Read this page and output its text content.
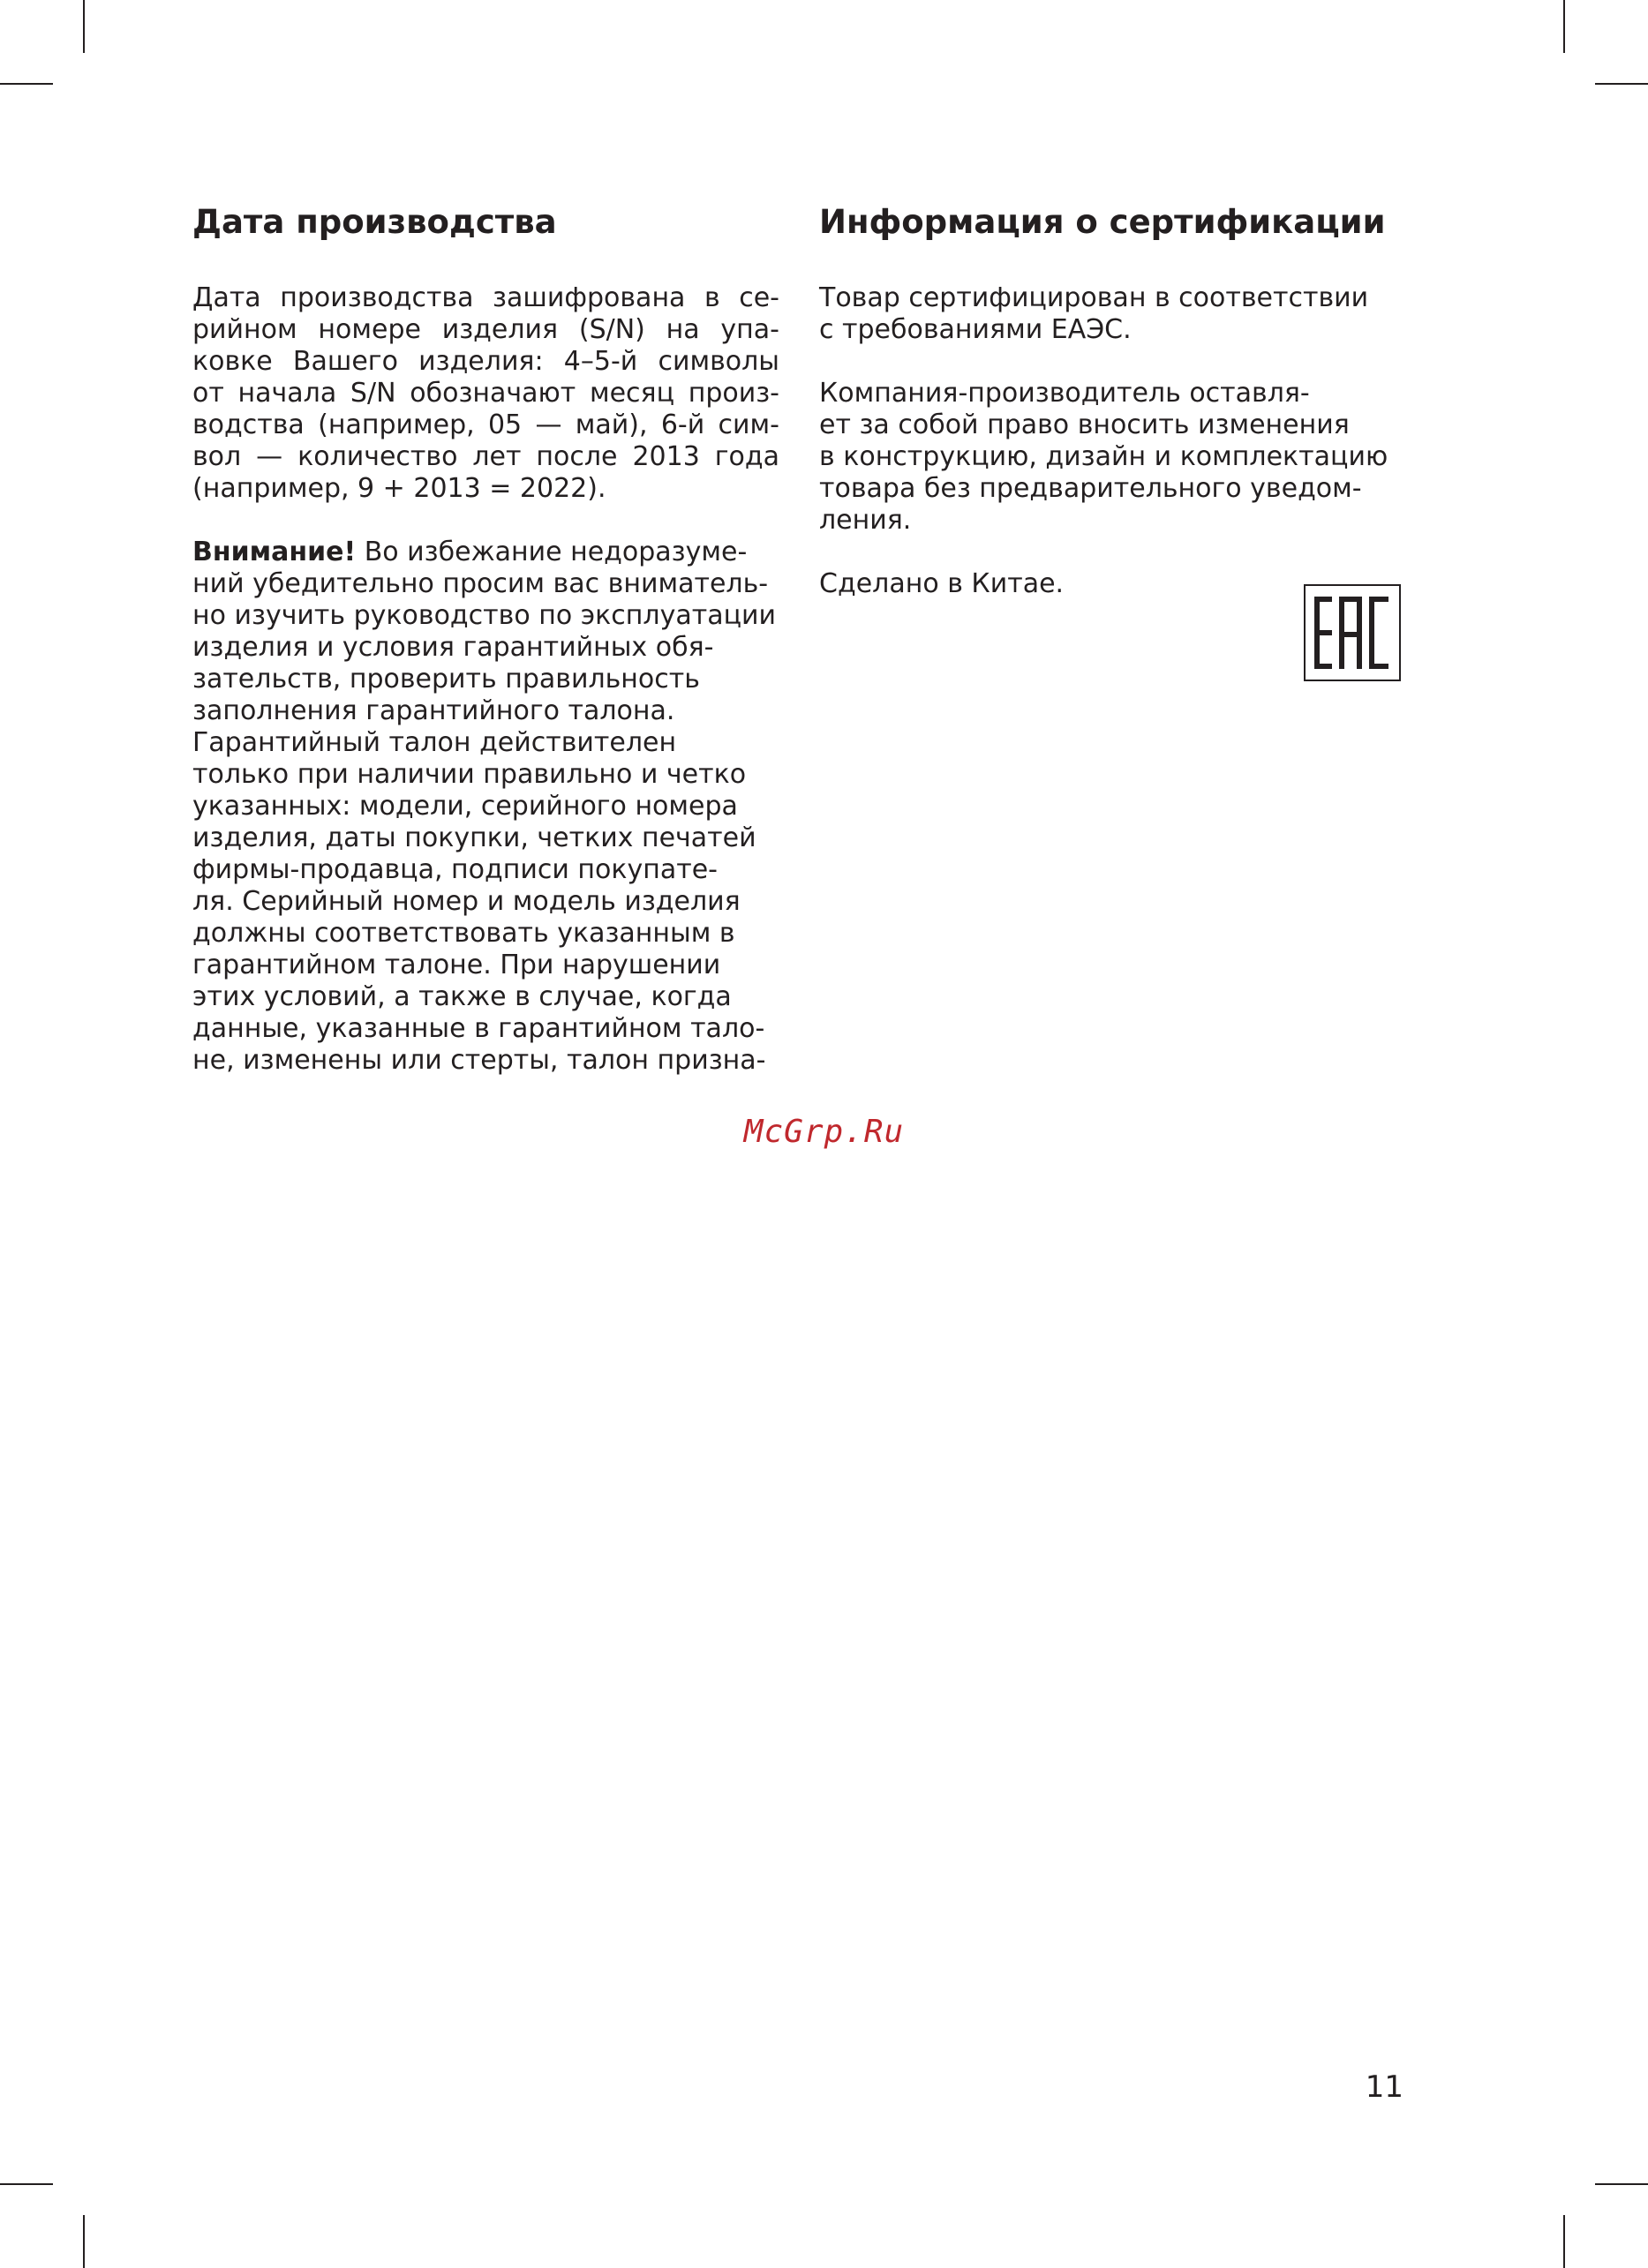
Дата производства

Дата производства зашифрована в се-
рийном номере изделия (S/N) на упа-
ковке Вашего изделия: 4–5-й символы
от начала S/N обозначают месяц произ-
водства (например, 05 — май), 6-й сим-
вол — количество лет после 2013 года
(например, 9 + 2013 = 2022).

Внимание! Во избежание недоразуме-
ний убедительно просим вас вниматель-
но изучить руководство по эксплуатации
изделия и условия гарантийных обя-
зательств, проверить правильность
заполнения гарантийного талона.
Гарантийный талон действителен
только при наличии правильно и четко
указанных: модели, серийного номера
изделия, даты покупки, четких печатей
фирмы-продавца, подписи покупате-
ля. Серийный номер и модель изделия
должны соответствовать указанным в
гарантийном талоне. При нарушении
этих условий, а также в случае, когда
данные, указанные в гарантийном тало-
не, изменены или стерты, талон призна-

Информация о сертификации

Товар сертифицирован в соответствии
с требованиями ЕАЭС.

Компания-производитель оставля-
ет за собой право вносить изменения
в конструкцию, дизайн и комплектацию
товара без предварительного уведом-
ления.

Сделано в Китае.

McGrp.Ru
11
